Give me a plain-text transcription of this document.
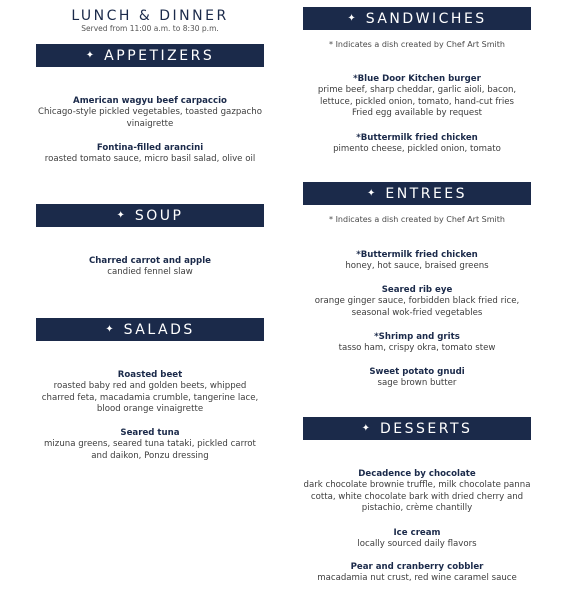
LUNCH & DINNER
Served from 11:00 a.m. to 8:30 p.m.
✦ APPETIZERS
American wagyu beef carpaccio
Chicago-style pickled vegetables, toasted gazpacho vinaigrette
Fontina-filled arancini
roasted tomato sauce, micro basil salad, olive oil
✦ SOUP
Charred carrot and apple
candied fennel slaw
✦ SALADS
Roasted beet
roasted baby red and golden beets, whipped charred feta, macadamia crumble, tangerine lace, blood orange vinaigrette
Seared tuna
mizuna greens, seared tuna tataki, pickled carrot and daikon, Ponzu dressing
✦ SANDWICHES
* Indicates a dish created by Chef Art Smith
*Blue Door Kitchen burger
prime beef, sharp cheddar, garlic aioli, bacon, lettuce, pickled onion, tomato, hand-cut fries
Fried egg available by request
*Buttermilk fried chicken
pimento cheese, pickled onion, tomato
✦ ENTREES
* Indicates a dish created by Chef Art Smith
*Buttermilk fried chicken
honey, hot sauce, braised greens
Seared rib eye
orange ginger sauce, forbidden black fried rice, seasonal wok-fried vegetables
*Shrimp and grits
tasso ham, crispy okra, tomato stew
Sweet potato gnudi
sage brown butter
✦ DESSERTS
Decadence by chocolate
dark chocolate brownie truffle, milk chocolate panna cotta, white chocolate bark with dried cherry and pistachio, crème chantilly
Ice cream
locally sourced daily flavors
Pear and cranberry cobbler
macadamia nut crust, red wine caramel sauce
